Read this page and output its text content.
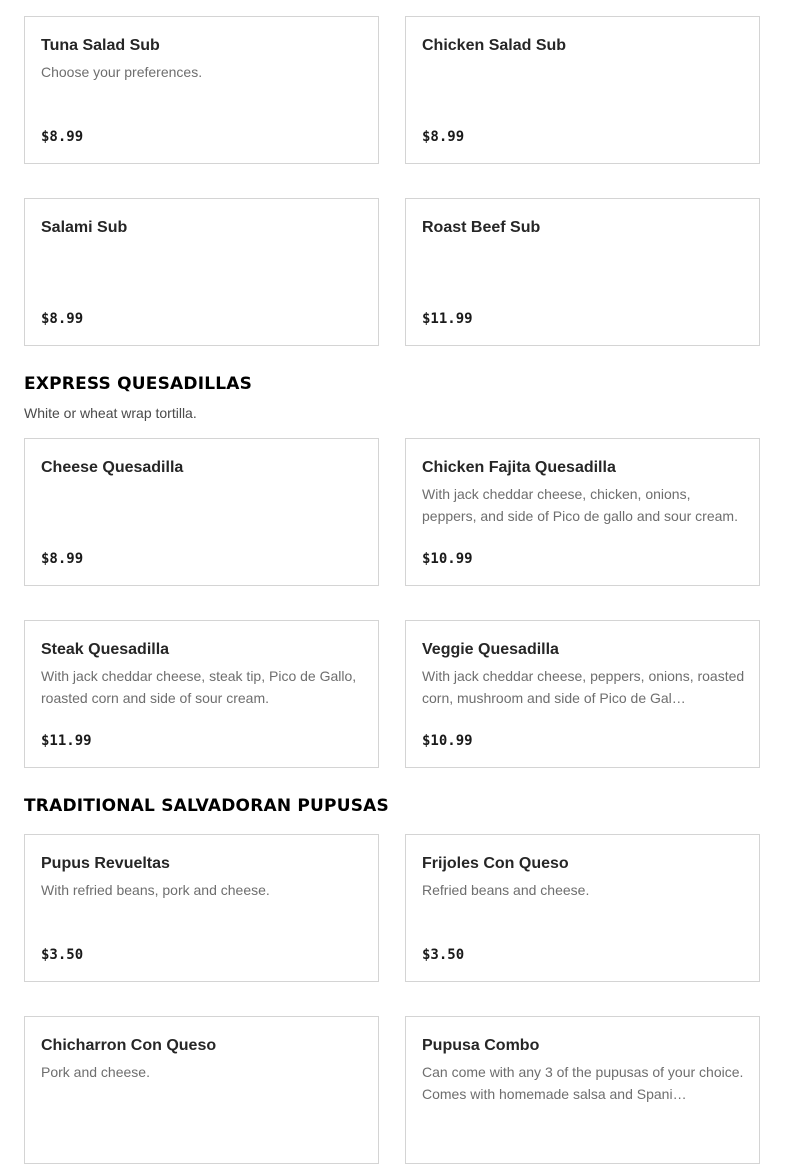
Tuna Salad Sub
Choose your preferences.
$8.99
Chicken Salad Sub
$8.99
Salami Sub
$8.99
Roast Beef Sub
$11.99
EXPRESS QUESADILLAS
White or wheat wrap tortilla.
Cheese Quesadilla
$8.99
Chicken Fajita Quesadilla
With jack cheddar cheese, chicken, onions, peppers, and side of Pico de gallo and sour cream.
$10.99
Steak Quesadilla
With jack cheddar cheese, steak tip, Pico de Gallo, roasted corn and side of sour cream.
$11.99
Veggie Quesadilla
With jack cheddar cheese, peppers, onions, roasted corn, mushroom and side of Pico de Gal…
$10.99
TRADITIONAL SALVADORAN PUPUSAS
Pupus Revueltas
With refried beans, pork and cheese.
$3.50
Frijoles Con Queso
Refried beans and cheese.
$3.50
Chicharron Con Queso
Pork and cheese.
Pupusa Combo
Can come with any 3 of the pupusas of your choice. Comes with homemade salsa and Spani…
